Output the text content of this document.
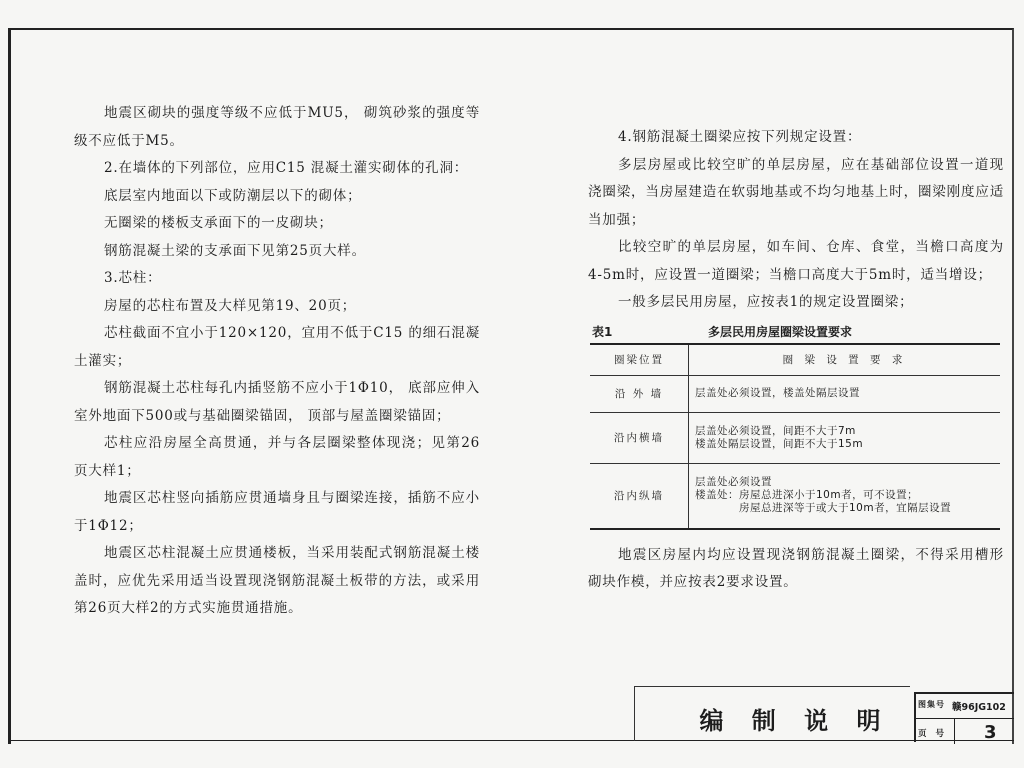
地震区砌块的强度等级不应低于MU5， 砌筑砂浆的强度等级不应低于M5。

2.在墙体的下列部位，应用C15 混凝土灌实砌体的孔洞：

底层室内地面以下或防潮层以下的砌体；

无圈梁的楼板支承面下的一皮砌块；

钢筋混凝土梁的支承面下见第25页大样。

3.芯柱：

房屋的芯柱布置及大样见第19、20页；

芯柱截面不宜小于120×120，宜用不低于C15 的细石混凝土灌实；

钢筋混凝土芯柱每孔内插竖筋不应小于1Φ10， 底部应伸入室外地面下500或与基础圈梁锚固， 顶部与屋盖圈梁锚固；

芯柱应沿房屋全高贯通，并与各层圈梁整体现浇；见第26页大样1；

地震区芯柱竖向插筋应贯通墙身且与圈梁连接，插筋不应小于1Φ12；

地震区芯柱混凝土应贯通楼板，当采用装配式钢筋混凝土楼盖时，应优先采用适当设置现浇钢筋混凝土板带的方法，或采用第26页大样2的方式实施贯通措施。

4.钢筋混凝土圈梁应按下列规定设置：

多层房屋或比较空旷的单层房屋，应在基础部位设置一道现浇圈梁，当房屋建造在软弱地基或不均匀地基上时，圈梁刚度应适当加强；

比较空旷的单层房屋，如车间、仓库、食堂，当檐口高度为4-5m时，应设置一道圈梁；当檐口高度大于5m时，适当增设；

一般多层民用房屋，应按表1的规定设置圈梁；

表1	多层民用房屋圈梁设置要求
圈梁位置	圈 梁 设 置 要 求
沿 外 墙	层盖处必须设置，楼盖处隔层设置

沿内横墙	层盖处必须设置，间距不大于7m
楼盖处隔层设置，间距不大于15m

沿内纵墙	层盖处必须设置
楼盖处：房屋总进深小于10m者，可不设置；
　　　　房屋总进深等于或大于10m者，宜隔层设置

地震区房屋内均应设置现浇钢筋混凝土圈梁，不得采用槽形砌块作模，并应按表2要求设置。

编 制 说 明
图集号 赣96JG102
页 号 3
